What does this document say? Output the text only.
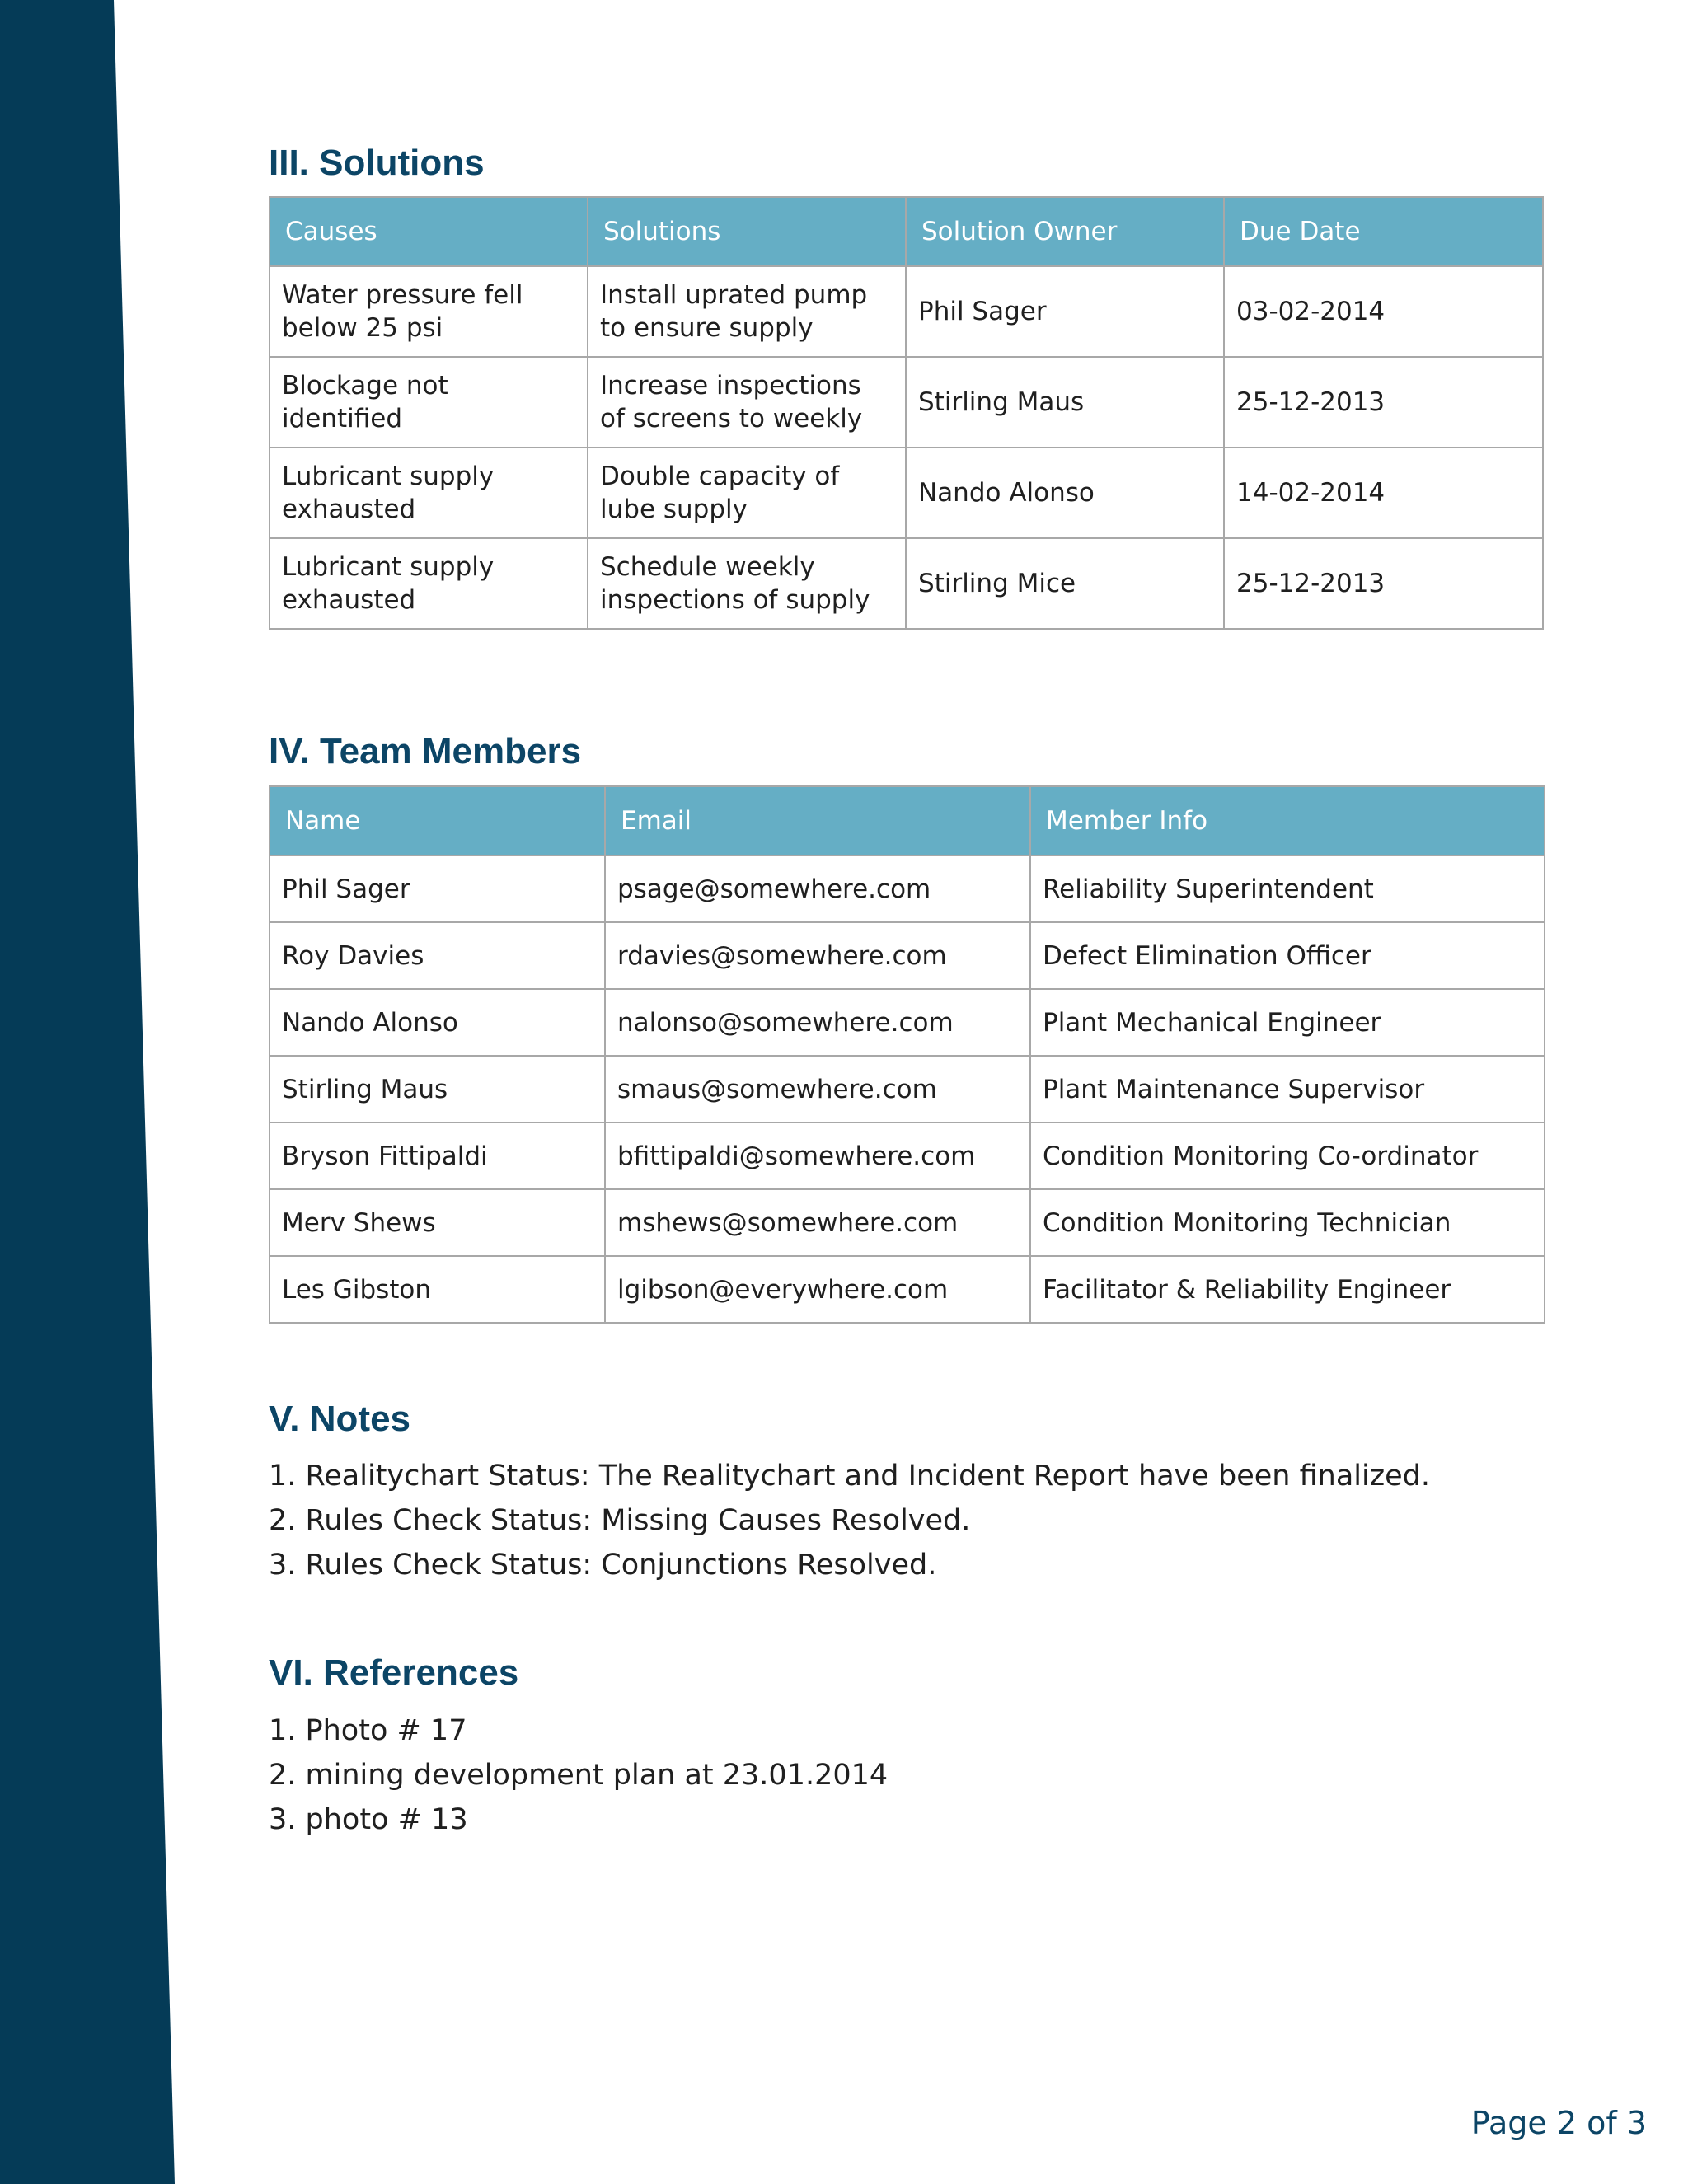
III. Solutions
Causes	Solutions	Solution Owner	Due Date
Water pressure fell below 25 psi	Install uprated pump to ensure supply	Phil Sager	03-02-2014
Blockage not identified	Increase inspections of screens to weekly	Stirling Maus	25-12-2013
Lubricant supply exhausted	Double capacity of lube supply	Nando Alonso	14-02-2014
Lubricant supply exhausted	Schedule weekly inspections of supply	Stirling Mice	25-12-2013
IV. Team Members
Name	Email	Member Info
Phil Sager	psage@somewhere.com	Reliability Superintendent
Roy Davies	rdavies@somewhere.com	Defect Elimination Officer
Nando Alonso	nalonso@somewhere.com	Plant Mechanical Engineer
Stirling Maus	smaus@somewhere.com	Plant Maintenance Supervisor
Bryson Fittipaldi	bfittipaldi@somewhere.com	Condition Monitoring Co-ordinator
Merv Shews	mshews@somewhere.com	Condition Monitoring Technician
Les Gibston	lgibson@everywhere.com	Facilitator & Reliability Engineer
V. Notes
1. Realitychart Status: The Realitychart and Incident Report have been finalized.
2. Rules Check Status: Missing Causes Resolved.
3. Rules Check Status: Conjunctions Resolved.
VI. References
1. Photo # 17
2. mining development plan at 23.01.2014
3. photo # 13
Page 2 of 3
